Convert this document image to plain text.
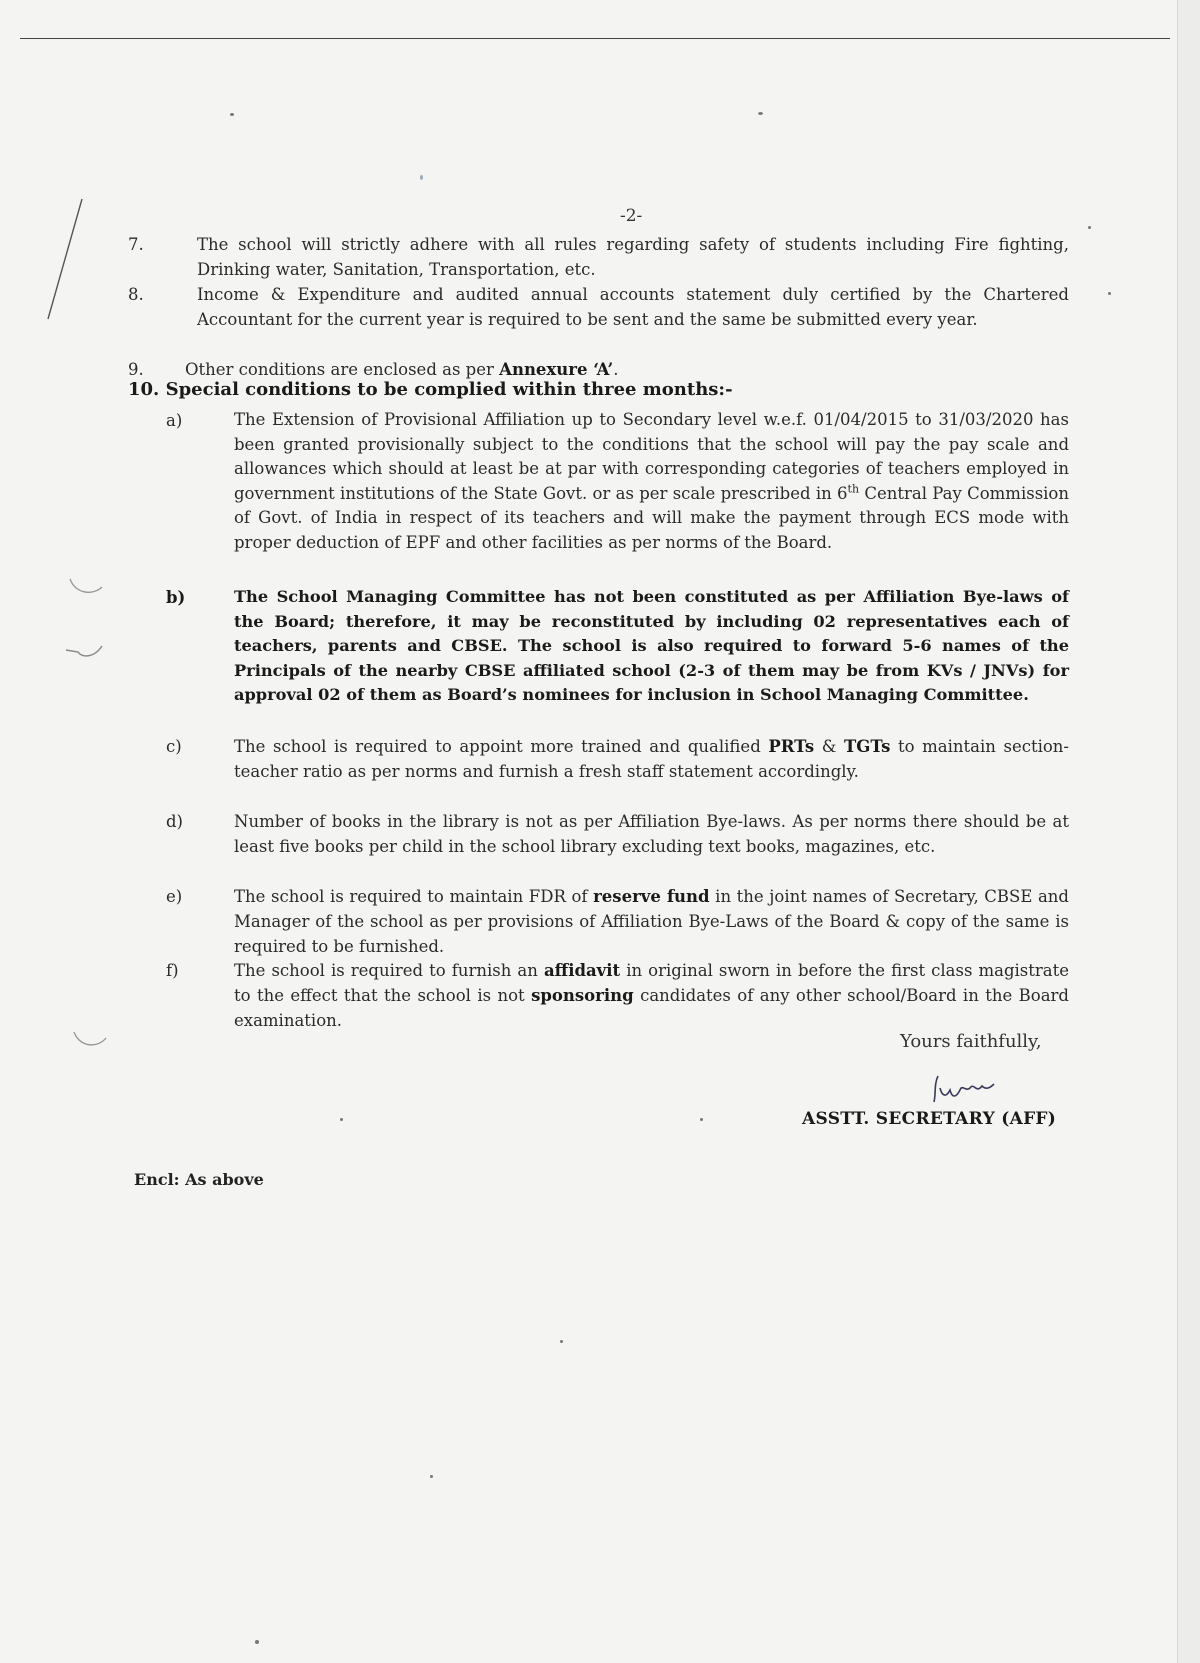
-2-
7.	The school will strictly adhere with all rules regarding safety of students including Fire fighting, Drinking water, Sanitation, Transportation, etc.
8.	Income & Expenditure and audited annual accounts statement duly certified by the Chartered Accountant for the current year is required to be sent and the same be submitted every year.
9.	Other conditions are enclosed as per Annexure ‘A’.
10. Special conditions to be complied within three months:-
a)	The Extension of Provisional Affiliation up to Secondary level w.e.f. 01/04/2015 to 31/03/2020 has been granted provisionally subject to the conditions that the school will pay the pay scale and allowances which should at least be at par with corresponding categories of teachers employed in government institutions of the State Govt. or as per scale prescribed in 6th Central Pay Commission of Govt. of India in respect of its teachers and will make the payment through ECS mode with proper deduction of EPF and other facilities as per norms of the Board.
b)	The School Managing Committee has not been constituted as per Affiliation Bye-laws of the Board; therefore, it may be reconstituted by including 02 representatives each of teachers, parents and CBSE. The school is also required to forward 5-6 names of the Principals of the nearby CBSE affiliated school (2-3 of them may be from KVs / JNVs) for approval 02 of them as Board’s nominees for inclusion in School Managing Committee.
c)	The school is required to appoint more trained and qualified PRTs & TGTs to maintain section-teacher ratio as per norms and furnish a fresh staff statement accordingly.
d)	Number of books in the library is not as per Affiliation Bye-laws. As per norms there should be at least five books per child in the school library excluding text books, magazines, etc.
e)	The school is required to maintain FDR of reserve fund in the joint names of Secretary, CBSE and Manager of the school as per provisions of Affiliation Bye-Laws of the Board & copy of the same is required to be furnished.
f)	The school is required to furnish an affidavit in original sworn in before the first class magistrate to the effect that the school is not sponsoring candidates of any other school/Board in the Board examination.
Yours faithfully,
ASSTT. SECRETARY (AFF)
Encl: As above
